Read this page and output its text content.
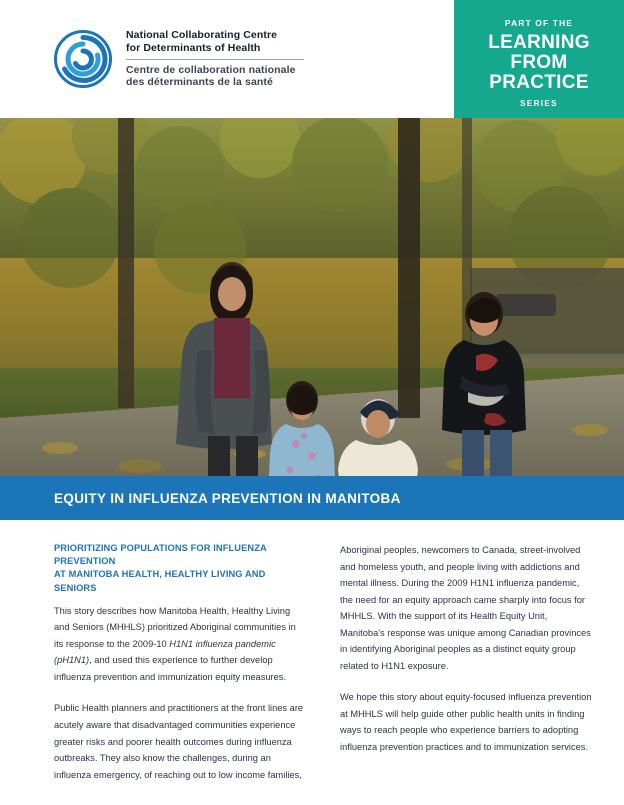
National Collaborating Centre
for Determinants of Health
Centre de collaboration nationale
des déterminants de la santé
PART OF THE
LEARNING
FROM
PRACTICE
SERIES
EQUITY IN INFLUENZA PREVENTION IN MANITOBA
PRIORITIZING POPULATIONS FOR INFLUENZA PREVENTION
AT MANITOBA HEALTH, HEALTHY LIVING AND SENIORS

This story describes how Manitoba Health, Healthy Living and Seniors (MHHLS) prioritized Aboriginal communities in its response to the 2009-10 H1N1 influenza pandemic (pH1N1), and used this experience to further develop influenza prevention and immunization equity measures.

Public Health planners and practitioners at the front lines are acutely aware that disadvantaged communities experience greater risks and poorer health outcomes during influenza outbreaks. They also know the challenges, during an influenza emergency, of reaching out to low income families,

Aboriginal peoples, newcomers to Canada, street-involved and homeless youth, and people living with addictions and mental illness. During the 2009 H1N1 influenza pandemic, the need for an equity approach came sharply into focus for MHHLS. With the support of its Health Equity Unit, Manitoba's response was unique among Canadian provinces in identifying Aboriginal peoples as a distinct equity group related to H1N1 exposure.

We hope this story about equity-focused influenza prevention at MHHLS will help guide other public health units in finding ways to reach people who experience barriers to adopting influenza prevention practices and to immunization services.
